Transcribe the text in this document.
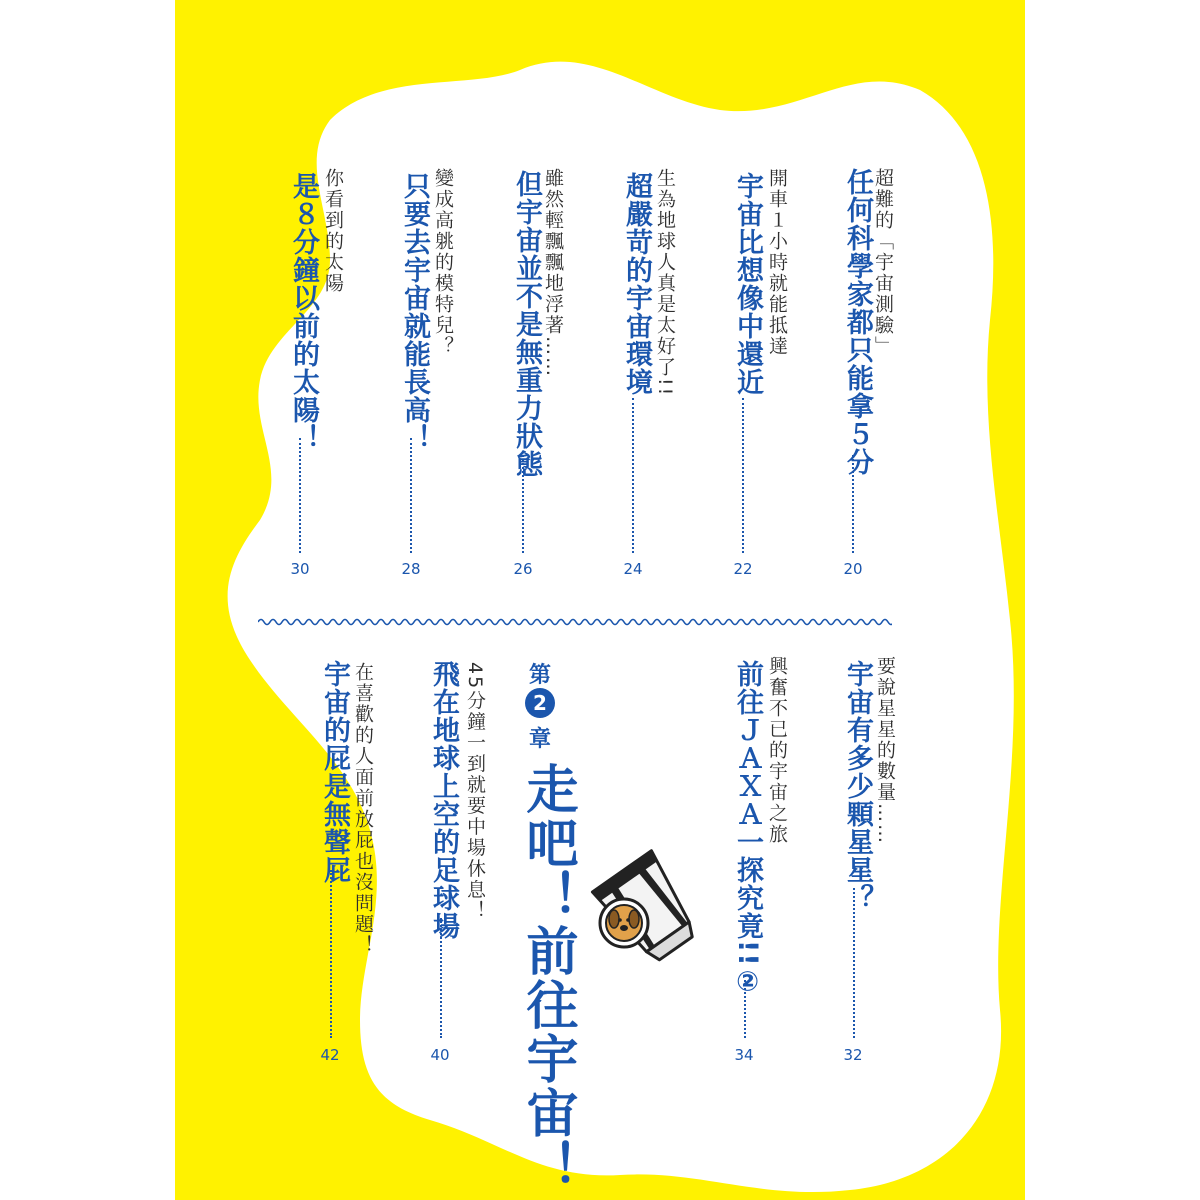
超難的「宇宙測驗」
任何科學家都只能拿５分
20
開車１小時就能抵達
宇宙比想像中還近
22
生為地球人真是太好了!!
超嚴苛的宇宙環境
24
雖然輕飄飄地浮著……
但宇宙並不是無重力狀態
26
變成高䠷的模特兒？
只要去宇宙就能長高！
28
你看到的太陽
是８分鐘以前的太陽！
30
要說星星的數量……
宇宙有多少顆星星？
32
興奮不已的宇宙之旅
前往ＪＡＸＡ一探究竟!!②
34
第
2
章
走吧！前往宇宙！
45分鐘一到就要中場休息！
飛在地球上空的足球場
40
在喜歡的人面前放屁也沒問題！
宇宙的屁是無聲屁
42
